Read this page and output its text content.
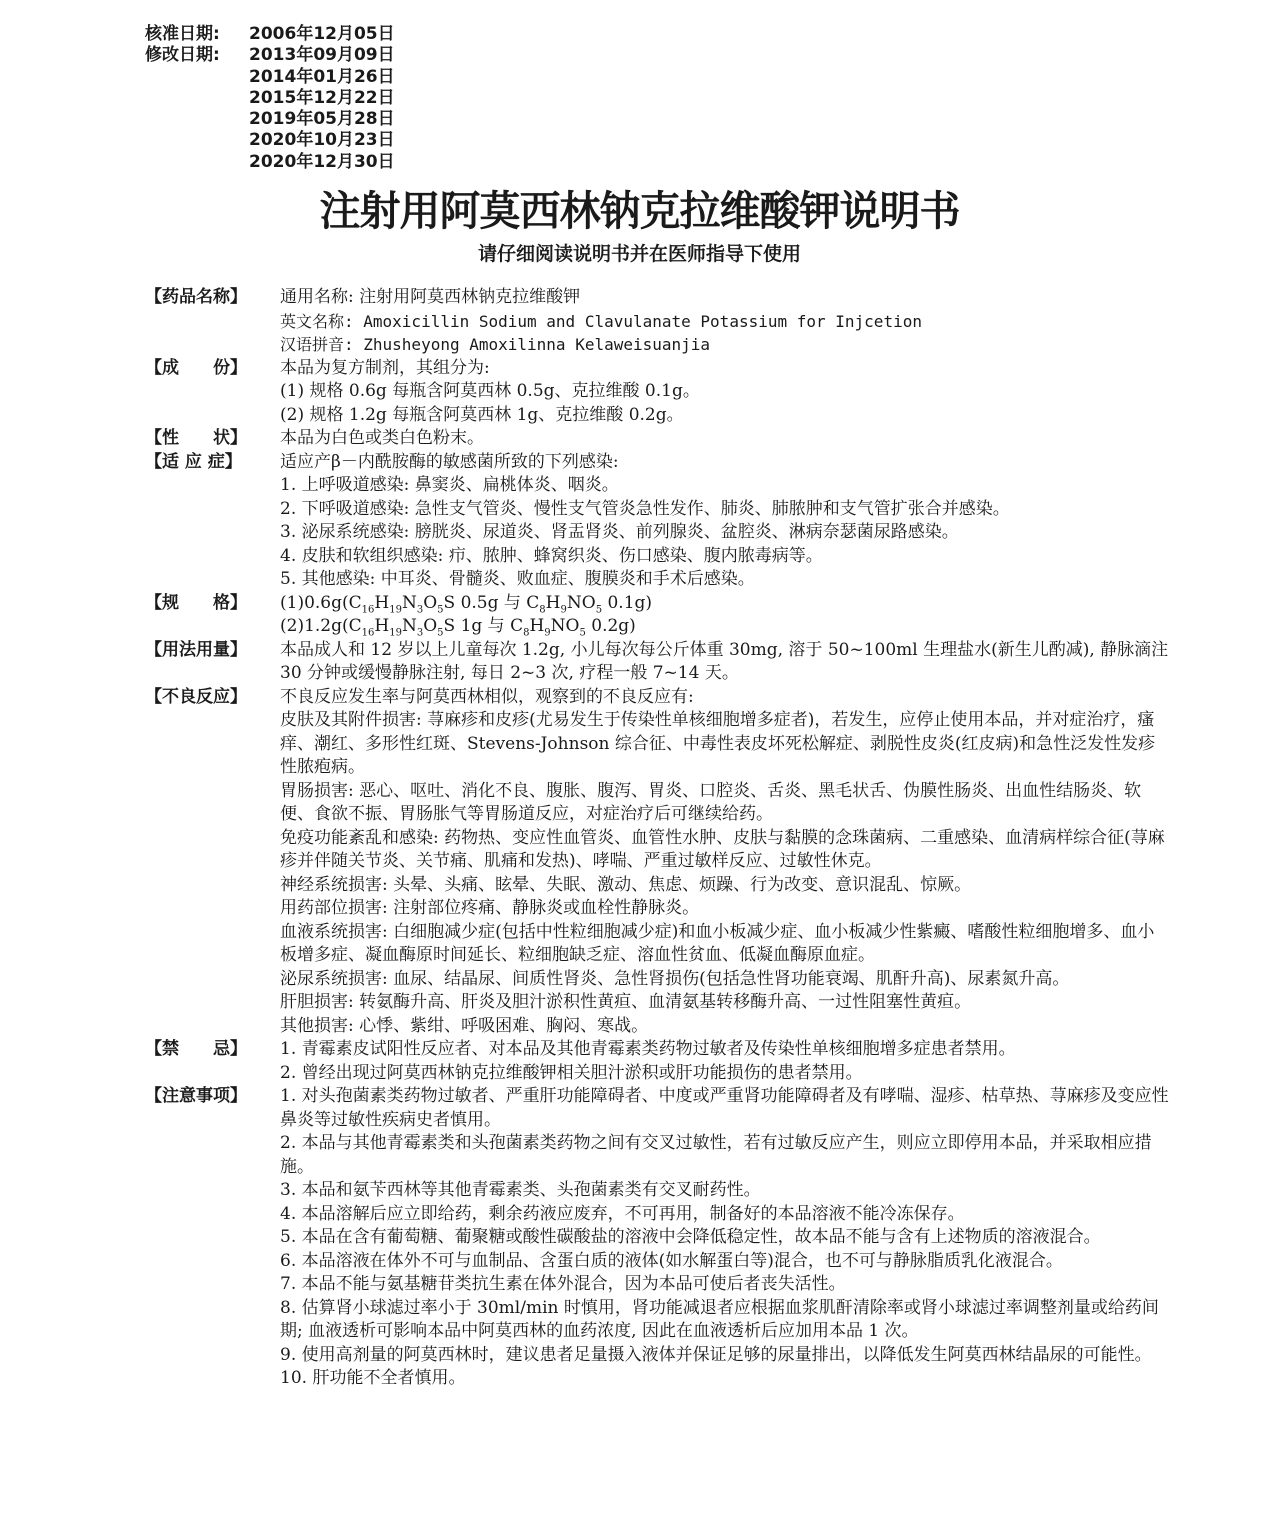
核准日期:	2006年12月05日
修改日期:	2013年09月09日
2014年01月26日
2015年12月22日
2019年05月28日
2020年10月23日
2020年12月30日
注射用阿莫西林钠克拉维酸钾说明书
请仔细阅读说明书并在医师指导下使用
【药品名称】	通用名称: 注射用阿莫西林钠克拉维酸钾
英文名称: Amoxicillin Sodium and Clavulanate Potassium for Injcetion
汉语拼音: Zhusheyong Amoxilinna Kelaweisuanjia
【成　　份】	本品为复方制剂，其组分为:
(1) 规格 0.6g 每瓶含阿莫西林 0.5g、克拉维酸 0.1g。
(2) 规格 1.2g 每瓶含阿莫西林 1g、克拉维酸 0.2g。
【性　　状】	本品为白色或类白色粉末。
【适 应 症】	适应产β－内酰胺酶的敏感菌所致的下列感染:
1. 上呼吸道感染: 鼻窦炎、扁桃体炎、咽炎。
2. 下呼吸道感染: 急性支气管炎、慢性支气管炎急性发作、肺炎、肺脓肿和支气管扩张合并感染。
3. 泌尿系统感染: 膀胱炎、尿道炎、肾盂肾炎、前列腺炎、盆腔炎、淋病奈瑟菌尿路感染。
4. 皮肤和软组织感染: 疖、脓肿、蜂窝织炎、伤口感染、腹内脓毒病等。
5. 其他感染: 中耳炎、骨髓炎、败血症、腹膜炎和手术后感染。
【规　　格】	$(1)0.6g(C_{16}H_{19}N_3O_5S$ 0.5g 与 $C_8H_9NO_5$ 0.1g)
$(2)1.2g(C_{16}H_{19}N_3O_5S$ 1g 与 $C_8H_9NO_5$ 0.2g)
【用法用量】	本品成人和 12 岁以上儿童每次 1.2g, 小儿每次每公斤体重 30mg, 溶于 50~100ml 生理盐水(新生儿酌减), 静脉滴注 30 分钟或缓慢静脉注射, 每日 2~3 次, 疗程一般 7~14 天。
【不良反应】	不良反应发生率与阿莫西林相似，观察到的不良反应有:
皮肤及其附件损害: 荨麻疹和皮疹(尤易发生于传染性单核细胞增多症者)，若发生，应停止使用本品，并对症治疗，瘙痒、潮红、多形性红斑、Stevens-Johnson 综合征、中毒性表皮坏死松解症、剥脱性皮炎(红皮病)和急性泛发性发疹性脓疱病。
胃肠损害: 恶心、呕吐、消化不良、腹胀、腹泻、胃炎、口腔炎、舌炎、黑毛状舌、伪膜性肠炎、出血性结肠炎、软便、食欲不振、胃肠胀气等胃肠道反应，对症治疗后可继续给药。
免疫功能紊乱和感染: 药物热、变应性血管炎、血管性水肿、皮肤与黏膜的念珠菌病、二重感染、血清病样综合征(荨麻疹并伴随关节炎、关节痛、肌痛和发热)、哮喘、严重过敏样反应、过敏性休克。
神经系统损害: 头晕、头痛、眩晕、失眠、激动、焦虑、烦躁、行为改变、意识混乱、惊厥。
用药部位损害: 注射部位疼痛、静脉炎或血栓性静脉炎。
血液系统损害: 白细胞减少症(包括中性粒细胞减少症)和血小板减少症、血小板减少性紫癜、嗜酸性粒细胞增多、血小板增多症、凝血酶原时间延长、粒细胞缺乏症、溶血性贫血、低凝血酶原血症。
泌尿系统损害: 血尿、结晶尿、间质性肾炎、急性肾损伤(包括急性肾功能衰竭、肌酐升高)、尿素氮升高。
肝胆损害: 转氨酶升高、肝炎及胆汁淤积性黄疸、血清氨基转移酶升高、一过性阻塞性黄疸。
其他损害: 心悸、紫绀、呼吸困难、胸闷、寒战。
【禁　　忌】	1. 青霉素皮试阳性反应者、对本品及其他青霉素类药物过敏者及传染性单核细胞增多症患者禁用。
2. 曾经出现过阿莫西林钠克拉维酸钾相关胆汁淤积或肝功能损伤的患者禁用。
【注意事项】	1. 对头孢菌素类药物过敏者、严重肝功能障碍者、中度或严重肾功能障碍者及有哮喘、湿疹、枯草热、荨麻疹及变应性鼻炎等过敏性疾病史者慎用。
2. 本品与其他青霉素类和头孢菌素类药物之间有交叉过敏性，若有过敏反应产生，则应立即停用本品，并采取相应措施。
3. 本品和氨苄西林等其他青霉素类、头孢菌素类有交叉耐药性。
4. 本品溶解后应立即给药，剩余药液应废弃，不可再用，制备好的本品溶液不能冷冻保存。
5. 本品在含有葡萄糖、葡聚糖或酸性碳酸盐的溶液中会降低稳定性，故本品不能与含有上述物质的溶液混合。
6. 本品溶液在体外不可与血制品、含蛋白质的液体(如水解蛋白等)混合，也不可与静脉脂质乳化液混合。
7. 本品不能与氨基糖苷类抗生素在体外混合，因为本品可使后者丧失活性。
8. 估算肾小球滤过率小于 30ml/min 时慎用，肾功能减退者应根据血浆肌酐清除率或肾小球滤过率调整剂量或给药间期; 血液透析可影响本品中阿莫西林的血药浓度, 因此在血液透析后应加用本品 1 次。
9. 使用高剂量的阿莫西林时，建议患者足量摄入液体并保证足够的尿量排出，以降低发生阿莫西林结晶尿的可能性。
10. 肝功能不全者慎用。
